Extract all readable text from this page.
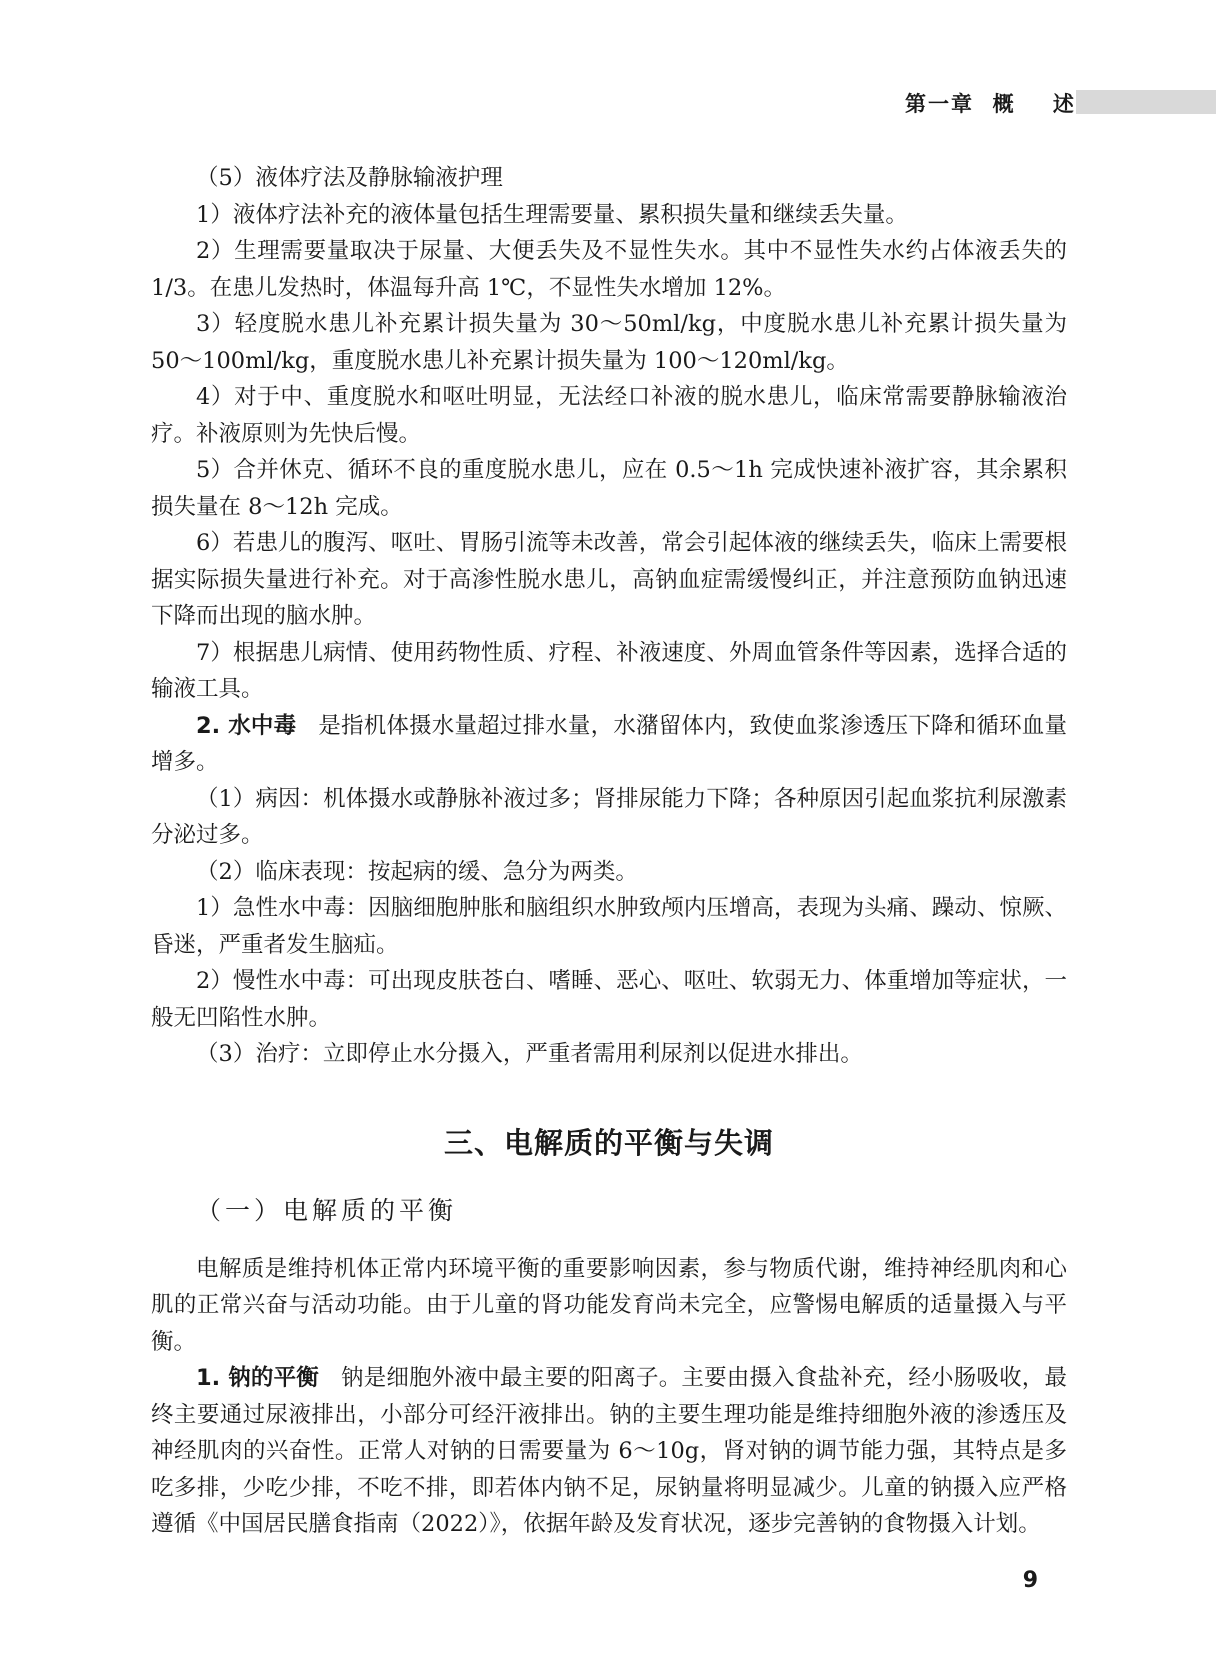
第一章  概    述

（5）液体疗法及静脉输液护理

1）液体疗法补充的液体量包括生理需要量、累积损失量和继续丢失量。

2）生理需要量取决于尿量、大便丢失及不显性失水。其中不显性失水约占体液丢失的1/3。在患儿发热时，体温每升高 1℃，不显性失水增加 12%。

3）轻度脱水患儿补充累计损失量为 30～50ml/kg，中度脱水患儿补充累计损失量为 50～100ml/kg，重度脱水患儿补充累计损失量为 100～120ml/kg。

4）对于中、重度脱水和呕吐明显，无法经口补液的脱水患儿，临床常需要静脉输液治疗。补液原则为先快后慢。

5）合并休克、循环不良的重度脱水患儿，应在 0.5～1h 完成快速补液扩容，其余累积损失量在 8～12h 完成。

6）若患儿的腹泻、呕吐、胃肠引流等未改善，常会引起体液的继续丢失，临床上需要根据实际损失量进行补充。对于高渗性脱水患儿，高钠血症需缓慢纠正，并注意预防血钠迅速下降而出现的脑水肿。

7）根据患儿病情、使用药物性质、疗程、补液速度、外周血管条件等因素，选择合适的输液工具。

2. 水中毒 是指机体摄水量超过排水量，水潴留体内，致使血浆渗透压下降和循环血量增多。

（1）病因：机体摄水或静脉补液过多；肾排尿能力下降；各种原因引起血浆抗利尿激素分泌过多。

（2）临床表现：按起病的缓、急分为两类。

1）急性水中毒：因脑细胞肿胀和脑组织水肿致颅内压增高，表现为头痛、躁动、惊厥、昏迷，严重者发生脑疝。

2）慢性水中毒：可出现皮肤苍白、嗜睡、恶心、呕吐、软弱无力、体重增加等症状，一般无凹陷性水肿。

（3）治疗：立即停止水分摄入，严重者需用利尿剂以促进水排出。

三、电解质的平衡与失调
（一）电解质的平衡

电解质是维持机体正常内环境平衡的重要影响因素，参与物质代谢，维持神经肌肉和心肌的正常兴奋与活动功能。由于儿童的肾功能发育尚未完全，应警惕电解质的适量摄入与平衡。

1. 钠的平衡 钠是细胞外液中最主要的阳离子。主要由摄入食盐补充，经小肠吸收，最终主要通过尿液排出，小部分可经汗液排出。钠的主要生理功能是维持细胞外液的渗透压及神经肌肉的兴奋性。正常人对钠的日需要量为 6～10g，肾对钠的调节能力强，其特点是多吃多排，少吃少排，不吃不排，即若体内钠不足，尿钠量将明显减少。儿童的钠摄入应严格遵循《中国居民膳食指南（2022）》，依据年龄及发育状况，逐步完善钠的食物摄入计划。

9
